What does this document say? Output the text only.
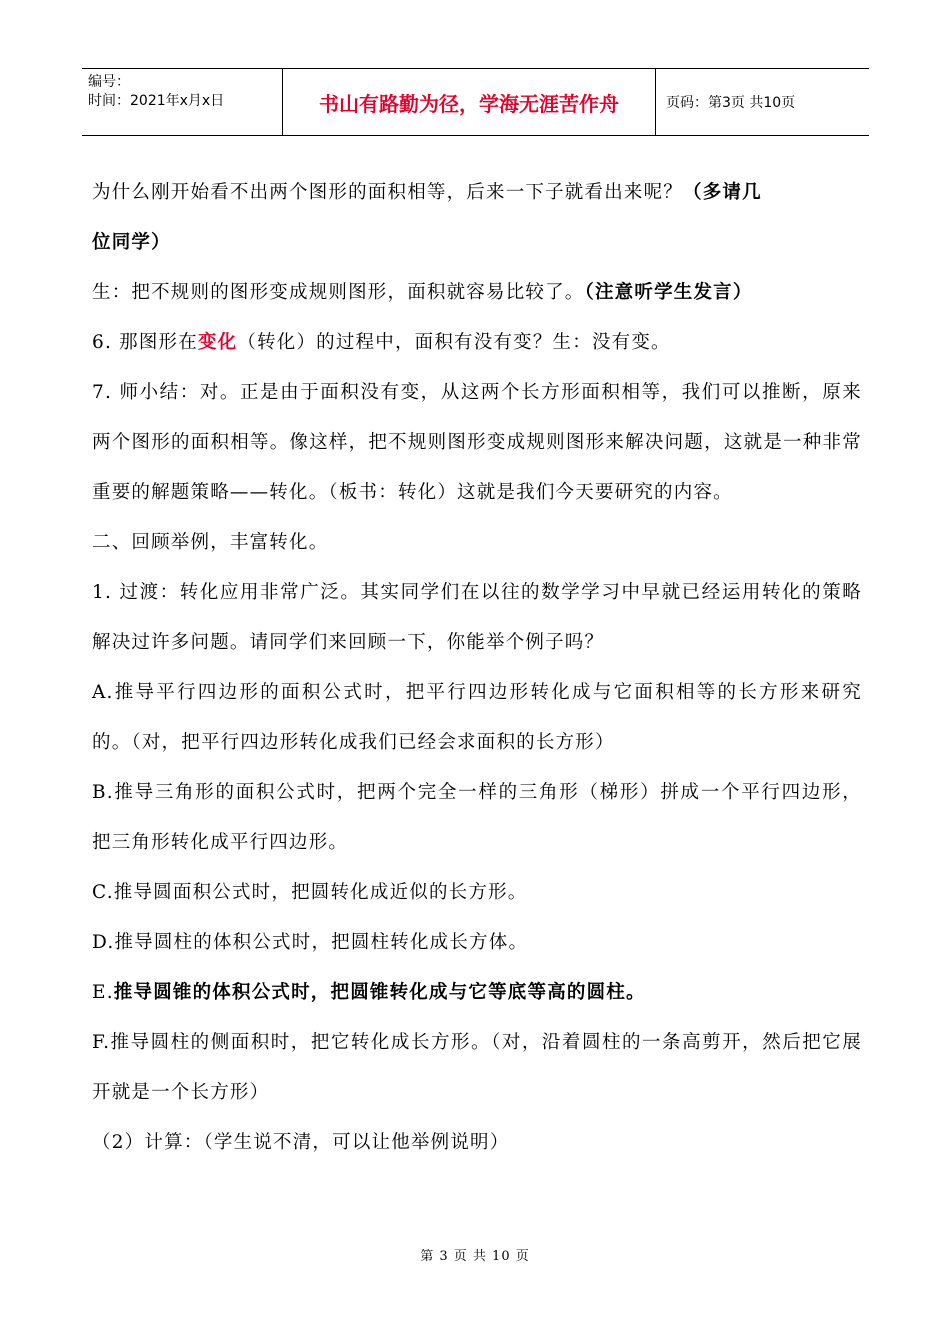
编号：
时间：2021年x月x日	书山有路勤为径，学海无涯苦作舟	页码：第3页 共10页

为什么刚开始看不出两个图形的面积相等，后来一下子就看出来呢？（多请几

位同学）

生：把不规则的图形变成规则图形，面积就容易比较了。（注意听学生发言）

6. 那图形在变化（转化）的过程中，面积有没有变？生：没有变。

7. 师小结：对。正是由于面积没有变，从这两个长方形面积相等，我们可以推断，原来两个图形的面积相等。像这样，把不规则图形变成规则图形来解决问题，这就是一种非常重要的解题策略——转化。（板书：转化）这就是我们今天要研究的内容。

二、回顾举例，丰富转化。

1. 过渡：转化应用非常广泛。其实同学们在以往的数学学习中早就已经运用转化的策略解决过许多问题。请同学们来回顾一下，你能举个例子吗？

A.推导平行四边形的面积公式时，把平行四边形转化成与它面积相等的长方形来研究的。（对，把平行四边形转化成我们已经会求面积的长方形）

B.推导三角形的面积公式时，把两个完全一样的三角形（梯形）拼成一个平行四边形，把三角形转化成平行四边形。

C.推导圆面积公式时，把圆转化成近似的长方形。

D.推导圆柱的体积公式时，把圆柱转化成长方体。

E.推导圆锥的体积公式时，把圆锥转化成与它等底等高的圆柱。

F.推导圆柱的侧面积时，把它转化成长方形。（对，沿着圆柱的一条高剪开，然后把它展开就是一个长方形）

（2）计算：（学生说不清，可以让他举例说明）

第 3 页 共 10 页
